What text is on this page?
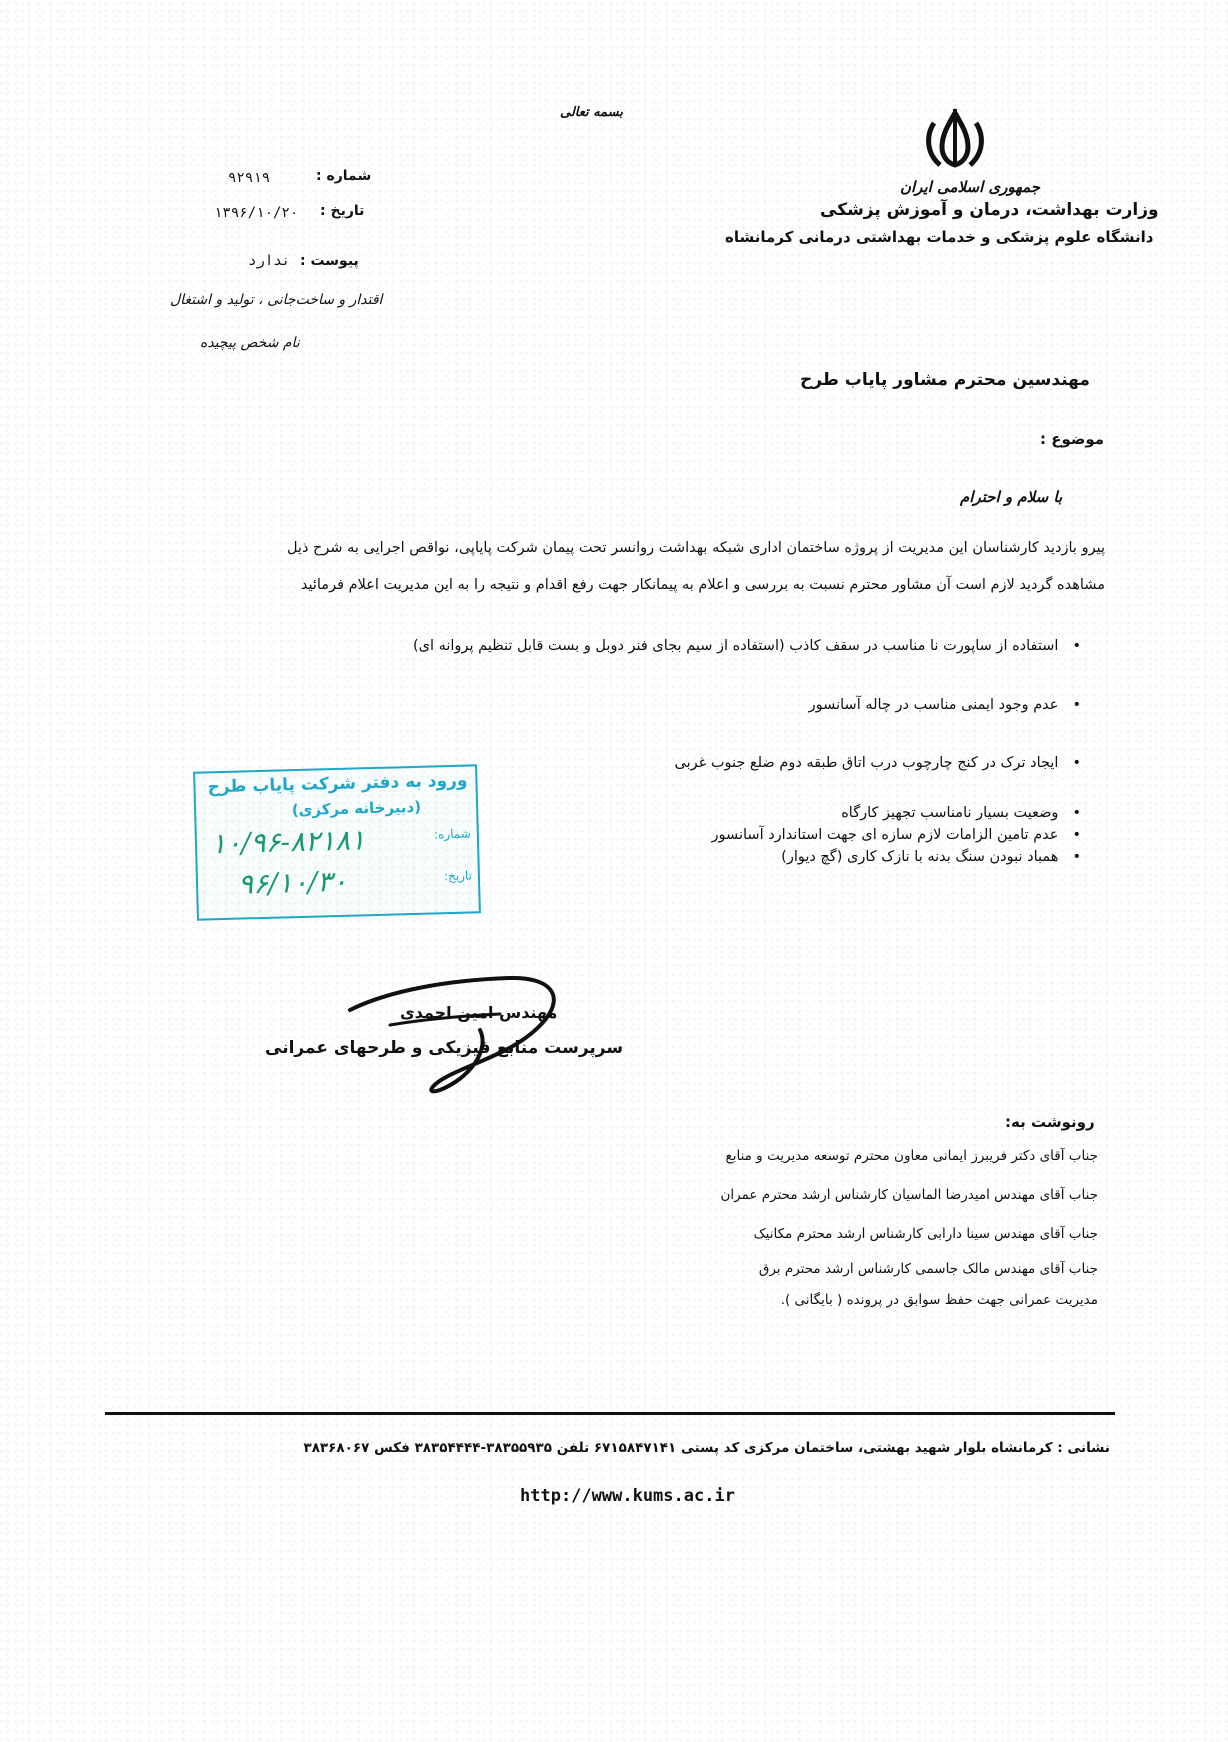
بسمه تعالی
جمهوری اسلامی ایران
وزارت بهداشت، درمان و آموزش پزشکی
دانشگاه علوم پزشکی و خدمات بهداشتی درمانی کرمانشاه
شماره :
۹۲۹۱۹
تاریخ :
۱۳۹۶/۱۰/۲۰
پیوست :
ندارد
اقتدار و ساخت‌جانی ، تولید و اشتغال
نام شخص پیچیده
مهندسین محترم مشاور پایاب طرح
موضوع :
با سلام و احترام
پیرو بازدید کارشناسان این مدیریت از پروژه ساختمان اداری شبکه بهداشت روانسر تحت پیمان شرکت پایاپی، نواقص اجرایی به شرح ذیل
مشاهده گردید لازم است آن مشاور محترم نسبت به بررسی و اعلام به پیمانکار جهت رفع اقدام و نتیجه را به این مدیریت اعلام فرمائید
• استفاده از ساپورت نا مناسب در سقف کاذب (استفاده از سیم بجای فنر دوبل و بست قابل تنظیم پروانه ای)
• عدم وجود ایمنی مناسب در چاله آسانسور
• ایجاد ترک در کنج چارچوب درب اتاق طبقه دوم ضلع جنوب غربی
• وضعیت بسیار نامناسب تجهیز کارگاه
• عدم تامین الزامات لازم سازه ای جهت استاندارد آسانسور
• همباد نبودن سنگ بدنه با نازک کاری (گچ دیوار)
ورود به دفتر شرکت پایاب طرح
(دبیرخانه مرکزی)
شماره:
۱۰/۹۶-۸۲۱۸۱
تاریخ:
۹۶/۱۰/۳۰
مهندس امین احمدی
سرپرست منابع فیزیکی و طرحهای عمرانی
رونوشت به:
جناب آقای دکتر فریبرز ایمانی معاون محترم توسعه مدیریت و منابع
جناب آقای مهندس امیدرضا الماسیان کارشناس ارشد محترم عمران
جناب آقای مهندس سینا دارابی کارشناس ارشد محترم مکانیک
جناب آقای مهندس مالک جاسمی کارشناس ارشد محترم برق
مدیریت عمرانی جهت حفظ سوابق در پرونده ( بایگانی ).
نشانی : کرمانشاه بلوار شهید بهشتی، ساختمان مرکزی کد پستی ۶۷۱۵۸۴۷۱۴۱ تلفن ۳۸۳۵۵۹۳۵-۳۸۳۵۴۴۴۴ فکس ۳۸۳۶۸۰۶۷
http://www.kums.ac.ir
